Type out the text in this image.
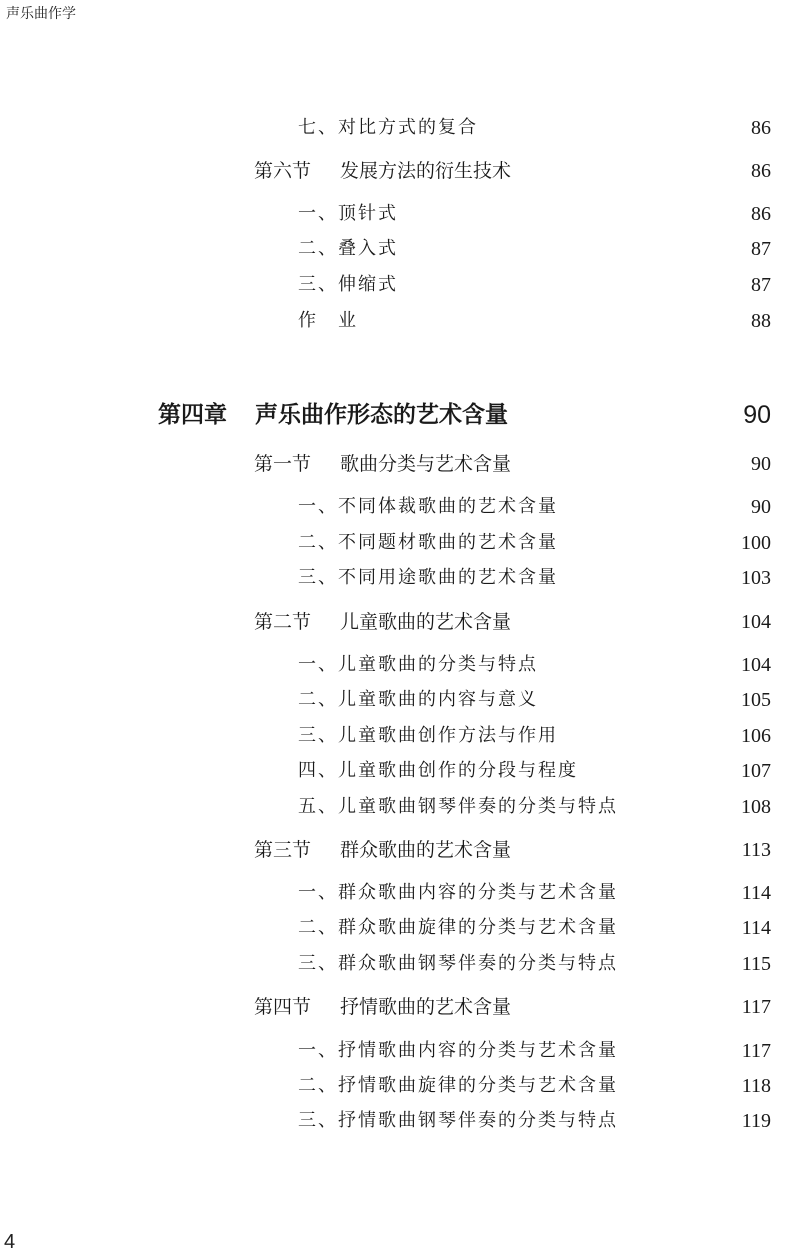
声乐曲作学
七、对比方式的复合	86
第六节 发展方法的衍生技术	86
一、顶针式	86
二、叠入式	87
三、伸缩式	87
作　业	88
第四章 声乐曲作形态的艺术含量	90
第一节 歌曲分类与艺术含量	90
一、不同体裁歌曲的艺术含量	90
二、不同题材歌曲的艺术含量	100
三、不同用途歌曲的艺术含量	103
第二节 儿童歌曲的艺术含量	104
一、儿童歌曲的分类与特点	104
二、儿童歌曲的内容与意义	105
三、儿童歌曲创作方法与作用	106
四、儿童歌曲创作的分段与程度	107
五、儿童歌曲钢琴伴奏的分类与特点	108
第三节 群众歌曲的艺术含量	113
一、群众歌曲内容的分类与艺术含量	114
二、群众歌曲旋律的分类与艺术含量	114
三、群众歌曲钢琴伴奏的分类与特点	115
第四节 抒情歌曲的艺术含量	117
一、抒情歌曲内容的分类与艺术含量	117
二、抒情歌曲旋律的分类与艺术含量	118
三、抒情歌曲钢琴伴奏的分类与特点	119
4
